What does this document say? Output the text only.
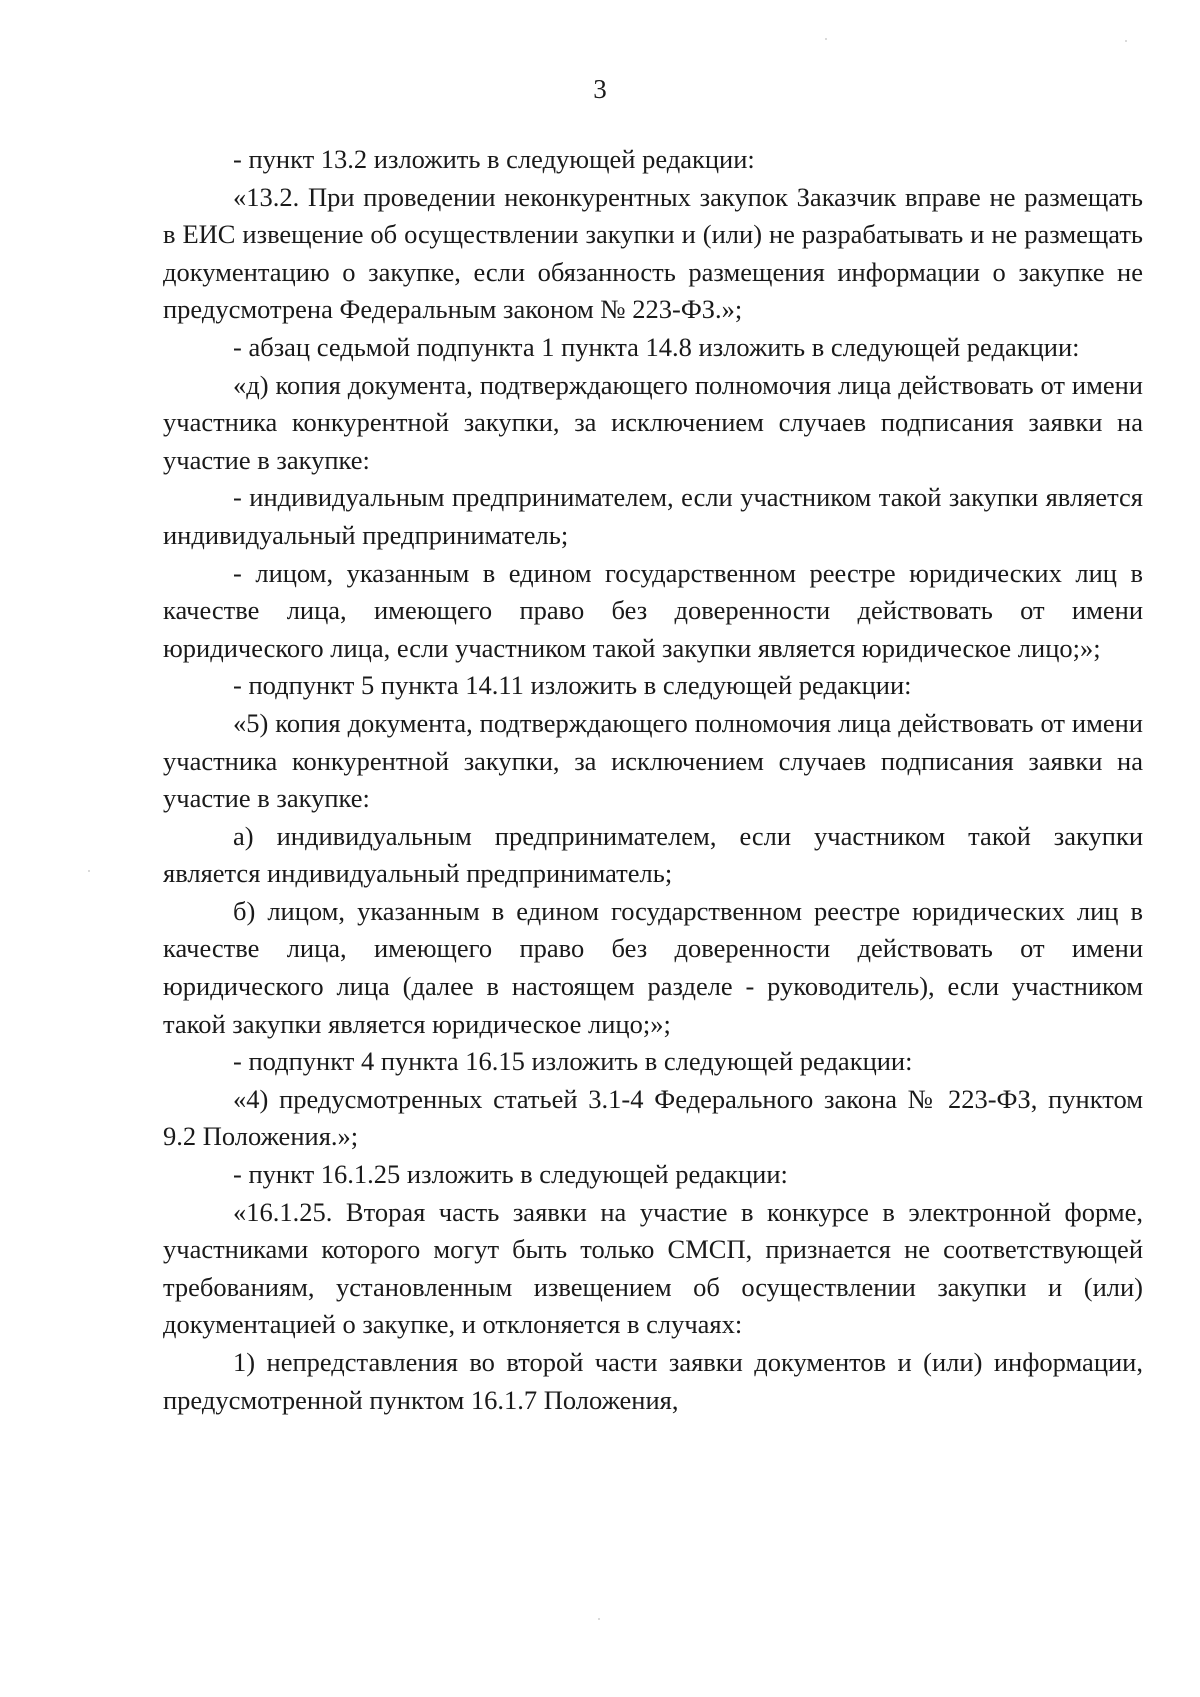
3

- пункт 13.2 изложить в следующей редакции:

«13.2. При проведении неконкурентных закупок Заказчик вправе не размещать в ЕИС извещение об осуществлении закупки и (или) не разрабатывать и не размещать документацию о закупке, если обязанность размещения информации о закупке не предусмотрена Федеральным законом № 223-ФЗ.»;

- абзац седьмой подпункта 1 пункта 14.8 изложить в следующей редакции:

«д) копия документа, подтверждающего полномочия лица действовать от имени участника конкурентной закупки, за исключением случаев подписания заявки на участие в закупке:

- индивидуальным предпринимателем, если участником такой закупки является индивидуальный предприниматель;

- лицом, указанным в едином государственном реестре юридических лиц в качестве лица, имеющего право без доверенности действовать от имени юридического лица, если участником такой закупки является юридическое лицо;»;

- подпункт 5 пункта 14.11 изложить в следующей редакции:

«5) копия документа, подтверждающего полномочия лица действовать от имени участника конкурентной закупки, за исключением случаев подписания заявки на участие в закупке:

а) индивидуальным предпринимателем, если участником такой закупки является индивидуальный предприниматель;

б) лицом, указанным в едином государственном реестре юридических лиц в качестве лица, имеющего право без доверенности действовать от имени юридического лица (далее в настоящем разделе - руководитель), если участником такой закупки является юридическое лицо;»;

- подпункт 4 пункта 16.15 изложить в следующей редакции:

«4) предусмотренных статьей 3.1-4 Федерального закона № 223-ФЗ, пунктом 9.2 Положения.»;

- пункт 16.1.25 изложить в следующей редакции:

«16.1.25. Вторая часть заявки на участие в конкурсе в электронной форме, участниками которого могут быть только СМСП, признается не соответствующей требованиям, установленным извещением об осуществлении закупки и (или) документацией о закупке, и отклоняется в случаях:

1) непредставления во второй части заявки документов и (или) информации, предусмотренной пунктом 16.1.7 Положения,
